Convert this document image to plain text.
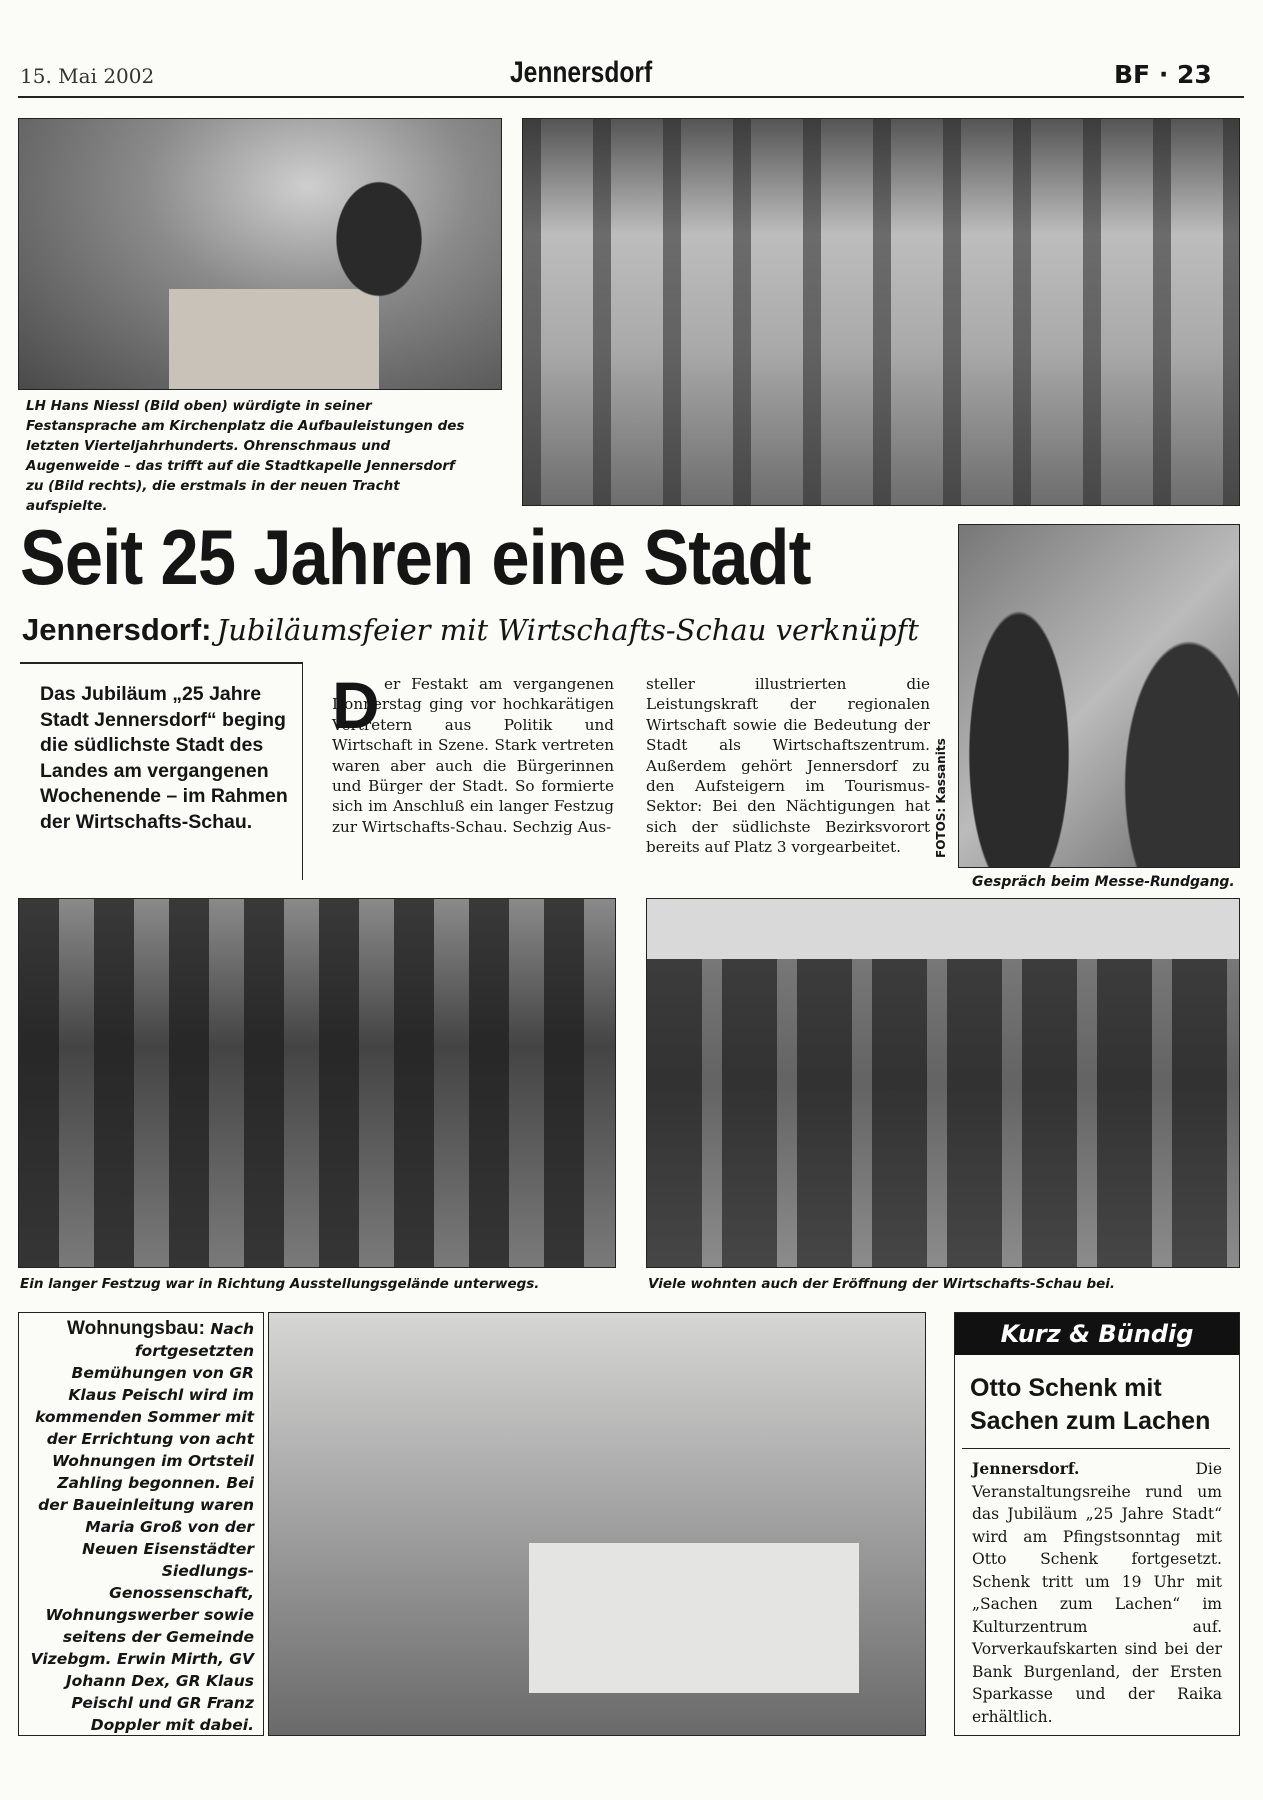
15. Mai 2002	Jennersdorf	BF · 23
LH Hans Niessl (Bild oben) würdigte in seiner Festansprache am Kirchenplatz die Aufbauleistungen des letzten Vierteljahrhunderts. Ohrenschmaus und Augenweide – das trifft auf die Stadtkapelle Jennersdorf zu (Bild rechts), die erstmals in der neuen Tracht aufspielte.
Seit 25 Jahren eine Stadt
Jennersdorf: Jubiläumsfeier mit Wirtschafts-Schau verknüpft
FOTOS: Kassanits
Gespräch beim Messe-Rundgang.
Das Jubiläum „25 Jahre Stadt Jennersdorf“ beging die südlichste Stadt des Landes am vergangenen Wochenende – im Rahmen der Wirtschafts-Schau.
D er Festakt am vergangenen Donnerstag ging vor hochkarätigen Vertretern aus Politik und Wirtschaft in Szene. Stark vertreten waren aber auch die Bürgerinnen und Bürger der Stadt. So formierte sich im Anschluß ein langer Festzug zur Wirtschafts-Schau. Sechzig Aus-
steller illustrierten die Leistungskraft der regionalen Wirtschaft sowie die Bedeutung der Stadt als Wirtschaftszentrum. Außerdem gehört Jennersdorf zu den Aufsteigern im Tourismus-Sektor: Bei den Nächtigungen hat sich der südlichste Bezirksvorort bereits auf Platz 3 vorgearbeitet.
Ein langer Festzug war in Richtung Ausstellungsgelände unterwegs.	Viele wohnten auch der Eröffnung der Wirtschafts-Schau bei.
Wohnungsbau: Nach fortgesetzten Bemühungen von GR Klaus Peischl wird im kommenden Sommer mit der Errichtung von acht Wohnungen im Ortsteil Zahling begonnen. Bei der Baueinleitung waren Maria Groß von der Neuen Eisenstädter Siedlungs-Genossenschaft, Wohnungswerber sowie seitens der Gemeinde Vizebgm. Erwin Mirth, GV Johann Dex, GR Klaus Peischl und GR Franz Doppler mit dabei.
Kurz & Bündig
Otto Schenk mit Sachen zum Lachen
Jennersdorf.	Die Veranstaltungsreihe rund um das Jubiläum „25 Jahre Stadt“ wird am Pfingstsonntag mit Otto Schenk fortgesetzt. Schenk tritt um 19 Uhr mit „Sachen zum Lachen“ im Kulturzentrum auf. Vorverkaufskarten sind bei der Bank Burgenland, der Ersten Sparkasse und der Raika erhältlich.
